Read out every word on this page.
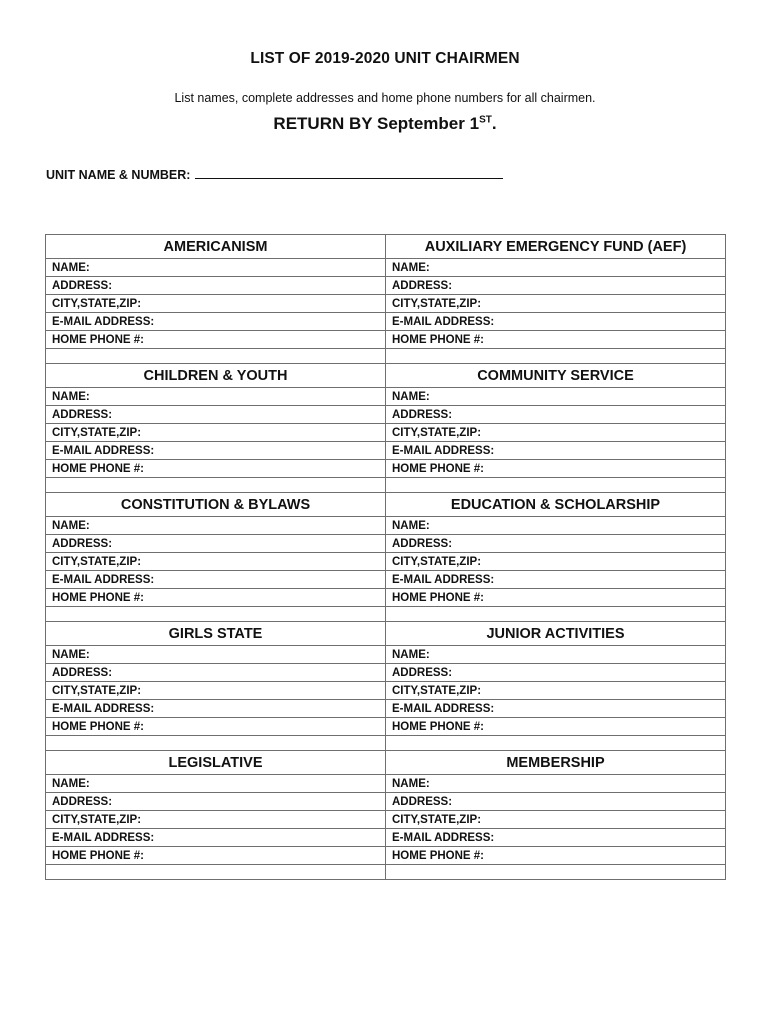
LIST OF 2019-2020 UNIT CHAIRMEN
List names, complete addresses and home phone numbers for all chairmen.
RETURN BY September 1ST.
UNIT NAME & NUMBER:
AMERICANISM	AUXILIARY EMERGENCY FUND (AEF)
NAME:	NAME:
ADDRESS:	ADDRESS:
CITY,STATE,ZIP:	CITY,STATE,ZIP:
E-MAIL ADDRESS:	E-MAIL ADDRESS:
HOME PHONE #:	HOME PHONE #:

CHILDREN & YOUTH	COMMUNITY SERVICE
NAME:	NAME:
ADDRESS:	ADDRESS:
CITY,STATE,ZIP:	CITY,STATE,ZIP:
E-MAIL ADDRESS:	E-MAIL ADDRESS:
HOME PHONE #:	HOME PHONE #:

CONSTITUTION & BYLAWS	EDUCATION & SCHOLARSHIP
NAME:	NAME:
ADDRESS:	ADDRESS:
CITY,STATE,ZIP:	CITY,STATE,ZIP:
E-MAIL ADDRESS:	E-MAIL ADDRESS:
HOME PHONE #:	HOME PHONE #:

GIRLS STATE	JUNIOR ACTIVITIES
NAME:	NAME:
ADDRESS:	ADDRESS:
CITY,STATE,ZIP:	CITY,STATE,ZIP:
E-MAIL ADDRESS:	E-MAIL ADDRESS:
HOME PHONE #:	HOME PHONE #:

LEGISLATIVE	MEMBERSHIP
NAME:	NAME:
ADDRESS:	ADDRESS:
CITY,STATE,ZIP:	CITY,STATE,ZIP:
E-MAIL ADDRESS:	E-MAIL ADDRESS:
HOME PHONE #:	HOME PHONE #:
